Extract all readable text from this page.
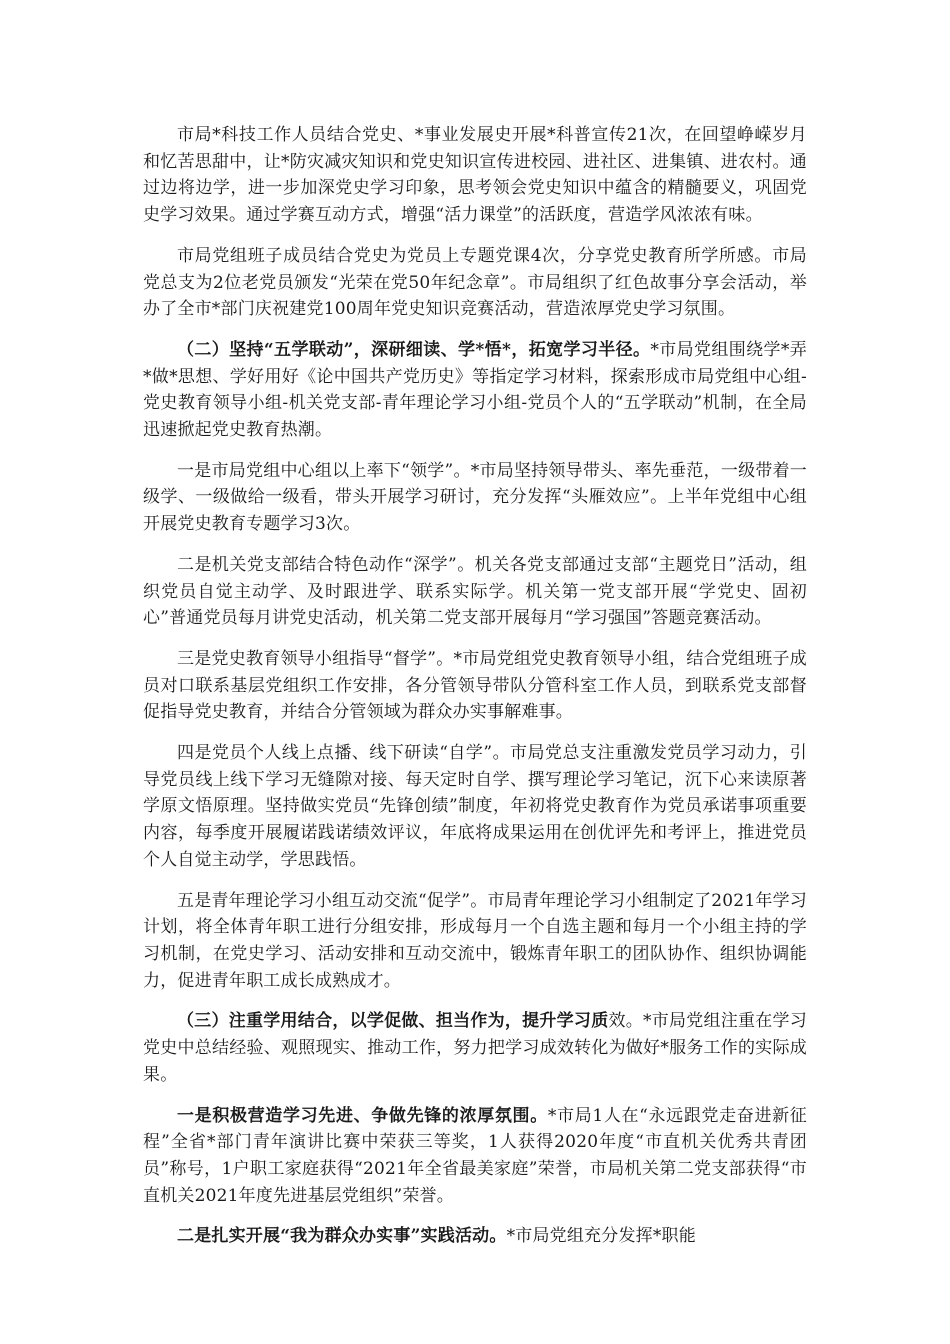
市局*科技工作人员结合党史、*事业发展史开展*科普宣传21次，在回望峥嵘岁月和忆苦思甜中，让*防灾减灾知识和党史知识宣传进校园、进社区、进集镇、进农村。通过边将边学，进一步加深党史学习印象，思考领会党史知识中蕴含的精髓要义，巩固党史学习效果。通过学赛互动方式，增强“活力课堂”的活跃度，营造学风浓浓有味。

市局党组班子成员结合党史为党员上专题党课4次，分享党史教育所学所感。市局党总支为2位老党员颁发“光荣在党50年纪念章”。市局组织了红色故事分享会活动，举办了全市*部门庆祝建党100周年党史知识竞赛活动，营造浓厚党史学习氛围。

（二）坚持“五学联动”，深研细读、学*悟*，拓宽学习半径。*市局党组围绕学*弄*做*思想、学好用好《论中国共产党历史》等指定学习材料，探索形成市局党组中心组-党史教育领导小组-机关党支部-青年理论学习小组-党员个人的“五学联动”机制，在全局迅速掀起党史教育热潮。

一是市局党组中心组以上率下“领学”。*市局坚持领导带头、率先垂范，一级带着一级学、一级做给一级看，带头开展学习研讨，充分发挥“头雁效应”。上半年党组中心组开展党史教育专题学习3次。

二是机关党支部结合特色动作“深学”。机关各党支部通过支部“主题党日”活动，组织党员自觉主动学、及时跟进学、联系实际学。机关第一党支部开展“学党史、固初心”普通党员每月讲党史活动，机关第二党支部开展每月“学习强国”答题竞赛活动。

三是党史教育领导小组指导“督学”。*市局党组党史教育领导小组，结合党组班子成员对口联系基层党组织工作安排，各分管领导带队分管科室工作人员，到联系党支部督促指导党史教育，并结合分管领域为群众办实事解难事。

四是党员个人线上点播、线下研读“自学”。市局党总支注重激发党员学习动力，引导党员线上线下学习无缝隙对接、每天定时自学、撰写理论学习笔记，沉下心来读原著学原文悟原理。坚持做实党员“先锋创绩”制度，年初将党史教育作为党员承诺事项重要内容，每季度开展履诺践诺绩效评议，年底将成果运用在创优评先和考评上，推进党员个人自觉主动学，学思践悟。

五是青年理论学习小组互动交流“促学”。市局青年理论学习小组制定了2021年学习计划，将全体青年职工进行分组安排，形成每月一个自选主题和每月一个小组主持的学习机制，在党史学习、活动安排和互动交流中，锻炼青年职工的团队协作、组织协调能力，促进青年职工成长成熟成才。

（三）注重学用结合，以学促做、担当作为，提升学习质效。*市局党组注重在学习党史中总结经验、观照现实、推动工作，努力把学习成效转化为做好*服务工作的实际成果。

一是积极营造学习先进、争做先锋的浓厚氛围。*市局1人在“永远跟党走奋进新征程”全省*部门青年演讲比赛中荣获三等奖，1人获得2020年度“市直机关优秀共青团员”称号，1户职工家庭获得“2021年全省最美家庭”荣誉，市局机关第二党支部获得“市直机关2021年度先进基层党组织”荣誉。

二是扎实开展“我为群众办实事”实践活动。*市局党组充分发挥*职能
